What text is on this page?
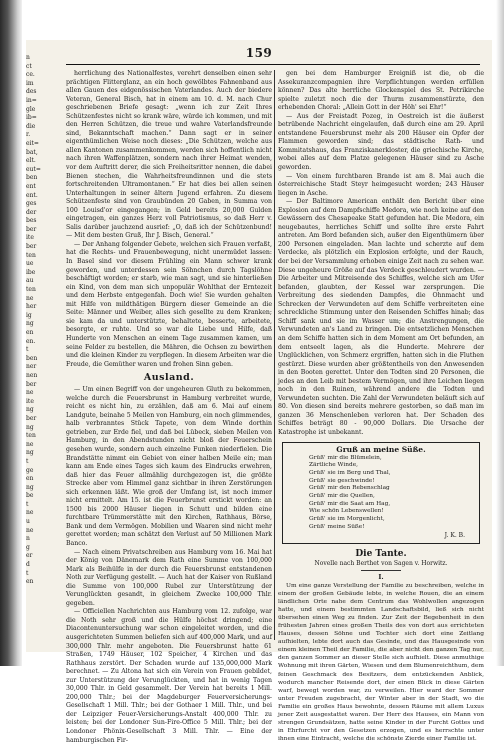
n
ct
ce.
im
des
in=
gle
ib=
die
r.
eit=
bat,
elt.
eut=
ben
ent
ent.
ges
der
bes
ber
ite
ber
ten
ue
ibe
au
ten
ne
her
ig
ng
en
en.
t
ben
ner
nen
ber
ne
ite
ng
ber
ng
ten
ne
ng
t
ge
en
ng
be
t
ne
u
ne
n
g
er
d
t
en
159

herrlichung des Nationalfestes, verehrt denselben einen sehr prächtigen Flitterglanz, an ein hoch gewölbtes Fahnenband aus allen Gauen des eidgenössischen Vaterlandes. Auch der biedere Veteran, General Bisch, hat in einem am 10. d. M. nach Chur geschriebenen Briefe gesagt: „wenn ich zur Zeit Ihres Schützenfestes nicht so krank wäre, würde ich kommen, und mit den Herren Schützen, die treue und wahre Vaterlandsfreunde sind, Bekanntschaft machen.“ Dann sagt er in seiner eigenthümlichen Weise noch dieses: „Die Schützen, welche aus allen Kantonen zusammenkommen, werden sich hoffentlich nicht nach ihren Waffenplätzen, sondern nach ihrer Heimat wenden, vor dem Auftritt derer, die sich Freiheitsritter nennen, die dabei Bienen stechen, die Wahrheitsfreundinnen und die stets fortschreitenden Ultramontanen.“ Er hat dies bei allen seinen Unterhaltungen in seiner ältern Jugend erfahren. Zu diesem Schützenfeste sind von Graubünden 20 Gaben, in Summa von 100 Louisd'or eingegangen; in Geld bereits 20,000 Gulden eingetragen, ein ganzes Herz voll Patriotismus, so daß Herr v. Salis darüber jauchzend ausrief: „O, daß ich der Schützenbund! — Mit dem besten Gruß, Ihr J. Bisch, General.“

— Der Anhang folgender Gebete, welchen sich Frauen verfaßt, hat die Rechts- und Frauenbewegung, nicht unermüdet lassen: In Basel sind vor diesem Frühling ein Mann schwer krank geworden, und unterdessen sein Söhnchen durch Tagslöhne beschäftigt worden; er starb, wie man sagt, und sie hinterließen ein Kind, von dem man sich unpopulär Wohlthat der Erntezeit und dem Herbste entgegenfah. Doch wie! Sie wurden gehalten mit Hilfe von mildthätigen Bürgern dieser Gemeinde an die Seite: Männer und Weiber, alles sich gesellte zu dem Kranken; sie kam da und unterstützte, behaltete, besserte, arbeitete, besorgte, er ruhte. Und so war die Liebe und Hilfe, daß Hunderte von Menschen an einem Tage zusammen kamen, um seine Felder zu bestellen, die Mähren, die Ochsen zu bewirthen und die kleinen Kinder zu verpflegen. In diesem Arbeiten war die Freude, die Gemüther waren und frohen Sinn geben.

Ausland.

— Um einen Begriff von der ungeheuren Gluth zu bekommen, welche durch die Feuersbrunst in Hamburg verbreitet wurde, reicht es nicht hin, zu erzählen, daß am 6. Mai auf einem Landgute, beinahe 5 Meilen von Hamburg, ein noch glimmendes, halb verbranntes Stück Tapete, von dem Winde dorthin getrieben, zur Erde fiel, und daß bei Lübeck, sieben Meilen von Hamburg, in den Abendstunden nicht bloß der Feuerschein gesehen wurde, sondern auch einzelne Funken niederfielen. Die Brandstätte nimmt ein Gebiet von einer halben Meile ein; man kann am Ende eines Tages sich kaum des Eindrucks erwehren, daß hier das Feuer allmählig durchgezogen ist, die größte Strecke aber vom Himmel ganz sichtbar in ihren Zerstörungen sich erkennen läßt. Wie groß der Umfang ist, ist noch immer nicht ermittelt. Am 15. ist die Feuerbrunst erstickt worden: an 1500 bis 2000 Häuser liegen in Schutt und bilden eine furchtbare Trümmerstätte mit den Kirchen, Rathhaus, Börse, Bank und dem Vermögen. Mobilien und Waaren sind nicht mehr gerettet worden; man schätzt den Verlust auf 50 Millionen Mark Banco.

— Nach einem Privatschreiben aus Hamburg vom 16. Mai hat der König von Dänemark dem Rath eine Summe von 100,000 Mark als Beihülfe in der durch die Feuersbrunst entstandenen Noth zur Verfügung gestellt. — Auch hat der Kaiser von Rußland die Summe von 100,000 Rubel zur Unterstützung der Verunglückten gesandt, in gleichem Zwecke 100,000 Thlr. gegeben.

— Officiellen Nachrichten aus Hamburg vom 12. zufolge, war die Noth sehr groß und die Hülfe höchst dringend; eine Diacontenuntersuchung war schon eingeleitet worden, und die ausgerichteten Summen beliefen sich auf 400,000 Mark, und auf 300,000 Thlr. mehr angeboten. Die Feuersbrunst hatte 61 Straßen, 1749 Häuser, 102 Speicher, 4 Kirchen und das Rathhaus zerstört. Der Schaden wurde auf 135,000,000 Mark berechnet. — Zu Altona hat sich ein Verein von Frauen gebildet, zur Unterstützung der Verunglückten, und hat in wenig Tagen 30,000 Thlr. in Geld gesammelt. Der Verein hat bereits 1 Mill. 200,000 Thlr.; bei der Magdeburger Feuerversicherungs-Gesellschaft 1 Mill. Thlr.; bei der Gothaer 1 Mill. Thlr., und bei der Leipziger Feuer-Versicherungs-Anstalt 400,000 Thlr. zu leisten; bei der Londoner Sun-Fire-Office 5 Mill. Thlr.; bei der Londoner Phönix-Gesellschaft 3 Mill. Thlr. — Eine der hamburgischen Fir-

gen bei dem Hamburger Ereigniß ist die, ob die Assekuranzcompagnien ihre Verpflichtungen werden erfüllen können? Das alte herrliche Glockenspiel des St. Petrikirche spielte zuletzt noch die der Thurm zusammenstürzte, den erhebenden Choral: „Allein Gott in der Höh' sei Ehr!“

— Aus der Freistadt Pozeg, in Oestreich ist die äußerst betrübende Nachricht eingelaufen, daß durch eine am 29. April entstandene Feuersbrunst mehr als 200 Häuser ein Opfer der Flammen geworden sind; das städtische Rath- und Kommitatshaus, das Franziskanerkloster, die griechische Kirche, wobei alles auf dem Platze gelegenen Häuser sind zu Asche geworden.

— Von einem furchtbaren Brande ist am 8. Mai auch die österreichische Stadt Steyr heimgesucht worden; 243 Häuser liegen in Asche.

— Der Baltimore American enthält den Bericht über eine Explosion auf dem Dampfschiffe Medora, wie noch keine auf den Gewässern des Chesapeake Statt gefunden hat. Die Medora, ein neugebautes, herrliches Schiff und sollte ihre erste Fahrt antreten. Am Bord befanden sich, außer den Eigenthümern über 200 Personen eingeladen. Man lachte und scherzte auf dem Verdecke, als plötzlich ein Explosion erfolgte, und der Rauch, der bei der Versammlung erhoben einige Zeit nach zu sehen war. Diese ungeheure Größe auf das Verdeck geschleudert wurden. — Die Arbeiter und Mitreisende des Schiffes, welche sich am Ufer befanden, glaubten, der Kessel war zersprungen. Die Verbreitung des siedenden Dampfes, die Ohnmacht und Schrecken der Verwundeten auf dem Schiffe verbreiteten eine schreckliche Stimmung unter den Reisenden Schiffes hinab; das Schiff sank und sie im Wasser um; die Anstrengungen, die Verwundeten an's Land zu bringen. Die entsetzlichen Menschen an dem Schiffe hatten sich in dem Moment am Ort befunden, an dem entseelt lagen, als die Hunderte. Mehrere der Unglücklichen, von Schmerz ergriffen, hatten sich in die Fluthen gestürzt. Diese wurden aber größtentheils von den Anwesenden in den Booten gerettet. Unter den Todten sind 20 Personen, die jedes an den Leib mit bestem Vermögen, und ihre Leichen liegen noch in den Ruinen, während andere die Todten und Verwundeten suchten. Die Zahl der Verwundeten beläuft sich auf 80. Von diesen sind bereits mehrere gestorben, so daß man im ganzen 36 Menschenleben verloren hat. Der Schaden des Schiffes beträgt 80 - 90,000 Dollars. Die Ursache der Katastrophe ist unbekannt.

Gruß an meine Süße.
Grüß' mir die Blümelein,
Zärtliche Winde,
Grüß' sie im Berg und Thal,
Grüß' sie geschwinde!
Grüß' mir den Rebenschlag
Grüß' mir die Quellen,
Grüß' mir die Saat am Hag,
Wie schön Lebenswellen!
Grüß' sie im Morgenlicht,
Grüß' meine Süße!
J. K. B.
Die Tante.
Novelle nach Berthet von Sagen v. Horwitz.
I.

Um eine ganze Verstellung der Familie zu beschreiben, welche in einem der großen Gebäude lebte, in welche Rouen, die an einem ländlichen Orte nahe dem Centrum das Wohlwollen angezogen hatte, und einem bestimmten Landschaftsbild, ließ sich nicht übersehen einen Weg zu finden. Zur Zeit der Begebenheit in den frühesten Jahren eines großen Theils des von dort aus errichteten Hauses, dessen Söhne und Tochter sich dort eine Zeitlang aufhielten, lebte dort auch das Gesinde, und das Hausgesinde von einem kleinen Theil der Familie, die aber nicht den ganzen Tag nur, den ganzen Sommer an dieser Stelle sich aufhielt. Diese anmuthige Wohnung mit ihren Gärten, Wiesen und dem Blumenreichthum, dem feinen Geschmack des Besitzers, dem entzückenden Anblick, wodurch mancher Reisende dort, der einen Blick in diese Gärten warf, bewegt worden war, zu verweilen. Hier ward der Sommer unter Freuden zugebracht, der Winter aber in der Stadt, wo die Familie ein großes Haus bewohnte, dessen Räume mit allem Luxus jener Zeit ausgestattet waren. Der Herr des Hauses, ein Mann von strengen Grundsätzen, hatte seine Kinder in der Furcht Gottes und in Ehrfurcht vor den Gesetzen erzogen, und es herrschte unter ihnen eine Eintracht, welche die schönste Zierde einer Familie ist.
